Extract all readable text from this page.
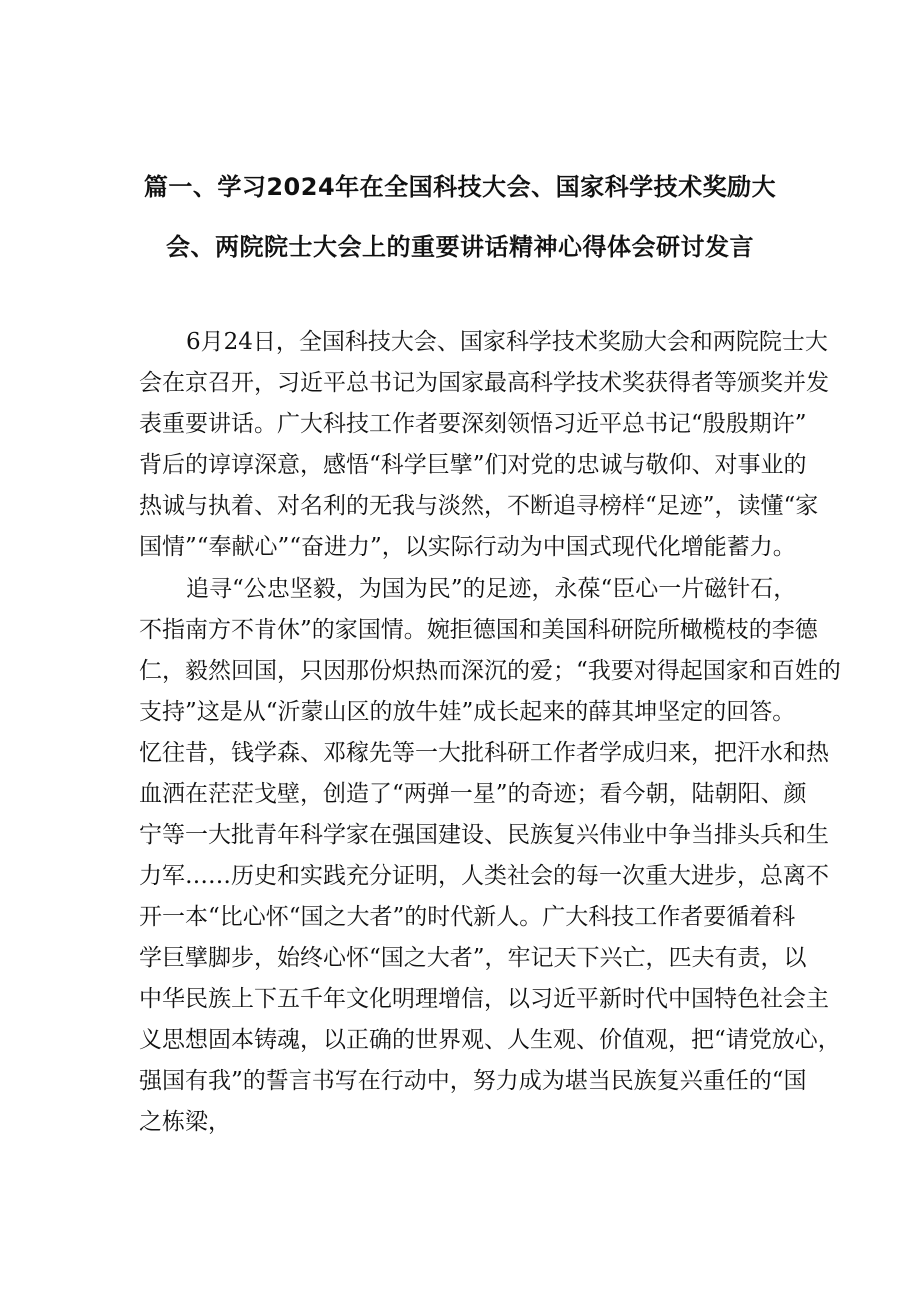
篇一、学习2024年在全国科技大会、国家科学技术奖励大
会、两院院士大会上的重要讲话精神心得体会研讨发言
6月24日，全国科技大会、国家科学技术奖励大会和两院院士大
会在京召开，习近平总书记为国家最高科学技术奖获得者等颁奖并发
表重要讲话。广大科技工作者要深刻领悟习近平总书记“殷殷期许”
背后的谆谆深意，感悟“科学巨擘”们对党的忠诚与敬仰、对事业的
热诚与执着、对名利的无我与淡然，不断追寻榜样“足迹”，读懂“家
国情”“奉献心”“奋进力”，以实际行动为中国式现代化增能蓄力。
追寻“公忠坚毅，为国为民”的足迹，永葆“臣心一片磁针石，
不指南方不肯休”的家国情。婉拒德国和美国科研院所橄榄枝的李德
仁，毅然回国，只因那份炽热而深沉的爱；“我要对得起国家和百姓的
支持”这是从“沂蒙山区的放牛娃”成长起来的薛其坤坚定的回答。
忆往昔，钱学森、邓稼先等一大批科研工作者学成归来，把汗水和热
血洒在茫茫戈壁，创造了“两弹一星”的奇迹；看今朝，陆朝阳、颜
宁等一大批青年科学家在强国建设、民族复兴伟业中争当排头兵和生
力军……历史和实践充分证明，人类社会的每一次重大进步，总离不
开一本“比心怀“国之大者”的时代新人。广大科技工作者要循着科
学巨擘脚步，始终心怀“国之大者”，牢记天下兴亡，匹夫有责，以
中华民族上下五千年文化明理增信，以习近平新时代中国特色社会主
义思想固本铸魂，以正确的世界观、人生观、价值观，把“请党放心，
强国有我”的誓言书写在行动中，努力成为堪当民族复兴重任的“国
之栋梁，
